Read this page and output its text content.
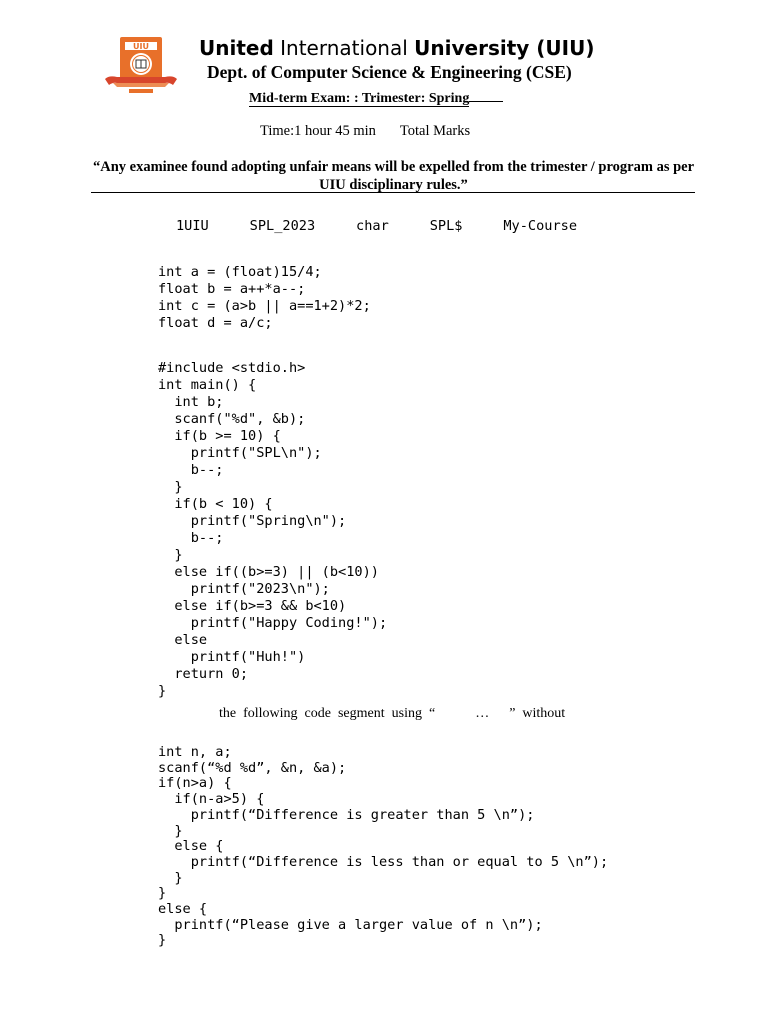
UIU	United International University (UIU)
Dept. of Computer Science & Engineering (CSE)
Mid-term Exam: : Trimester: Spring
Time:1 hour 45 min Total Marks
“Any examinee found adopting unfair means will be expelled from the trimester / program as per UIU disciplinary rules.”
1UIU     SPL_2023     char     SPL$     My-Course
int a = (float)15/4;
float b = a++*a--;
int c = (a>b || a==1+2)*2;
float d = a/c;
#include <stdio.h>
int main() {
int b;
scanf("%d", &b);
if(b >= 10) {
printf("SPL\n");
b--;
}
if(b < 10) {
printf("Spring\n");
b--;
}
else if((b>=3) || (b<10))
printf("2023\n");
else if(b>=3 && b<10)
printf("Happy Coding!");
else
printf("Huh!")
return 0;
}
the following code segment using “	… ” without
int n, a;
scanf(“%d %d”, &n, &a);
if(n>a) {
if(n-a>5) {
printf(“Difference is greater than 5 \n”);
}
else {
printf(“Difference is less than or equal to 5 \n”);
}
}
else {
printf(“Please give a larger value of n \n”);
}
